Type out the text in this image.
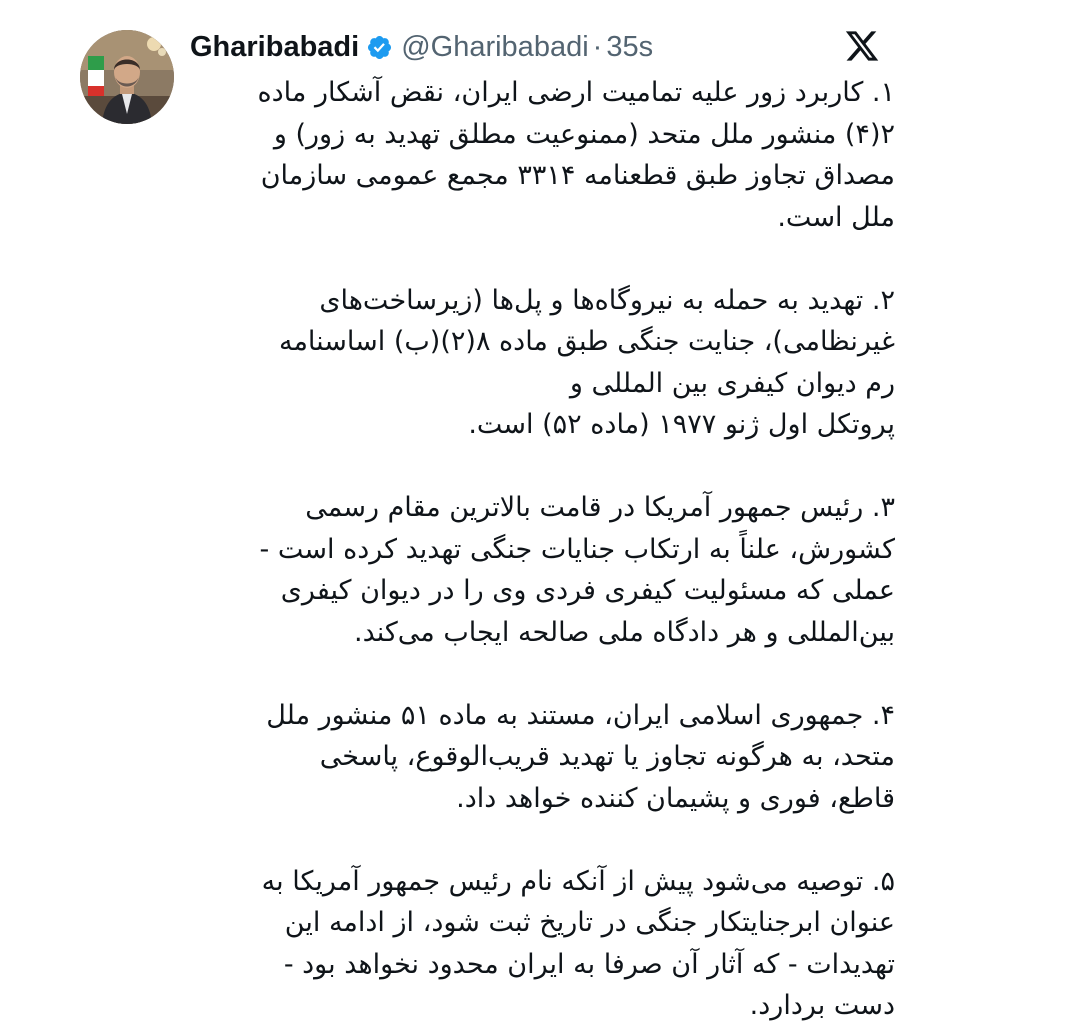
Gharibabadi @Gharibabadi · 35s
۱. کاربرد زور علیه تمامیت ارضی ایران، نقض آشکار ماده
۲(۴) منشور ملل متحد (ممنوعیت مطلق تهدید به زور) و
مصداق تجاوز طبق قطعنامه ۳۳۱۴ مجمع عمومی سازمان
ملل است.
۲. تهدید به حمله به نیروگاه‌ها و پل‌ها (زیرساخت‌های
غیرنظامی)، جنایت جنگی طبق ماده ۸(۲)(ب) اساسنامه
رم دیوان کیفری بین المللی و
پروتکل اول ژنو ۱۹۷۷ (ماده ۵۲) است.
۳. رئیس جمهور آمریکا در قامت بالاترین مقام رسمی
کشورش، علناً به ارتکاب جنایات جنگی تهدید کرده است -
عملی که مسئولیت کیفری فردی وی را در دیوان کیفری
بین‌المللی و هر دادگاه ملی صالحه ایجاب می‌کند.
۴. جمهوری اسلامی ایران، مستند به ماده ۵۱ منشور ملل
متحد، به هرگونه تجاوز یا تهدید قریب‌الوقوع، پاسخی
قاطع، فوری و پشیمان کننده خواهد داد.
۵. توصیه می‌شود پیش از آنکه نام رئیس جمهور آمریکا به
عنوان ابرجنایتکار جنگی در تاریخ ثبت شود، از ادامه این
تهدیدات - که آثار آن صرفا به ایران محدود نخواهد بود -
دست بردارد.
